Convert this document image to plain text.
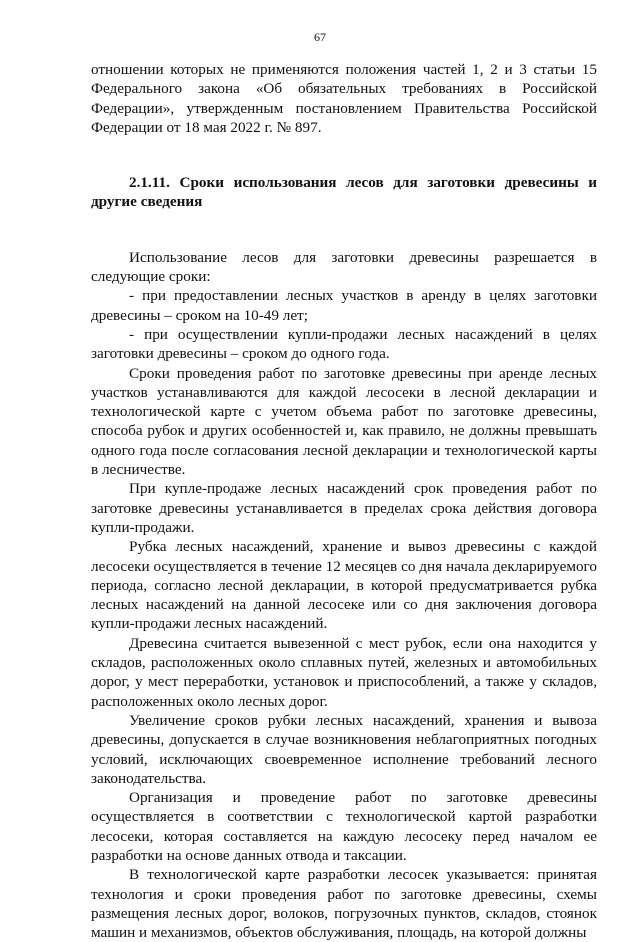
67

отношении которых не применяются положения частей 1, 2 и 3 статьи 15 Федерального закона «Об обязательных требованиях в Российской Федерации», утвержденным постановлением Правительства Российской Федерации от 18 мая 2022 г. № 897.

2.1.11. Сроки использования лесов для заготовки древесины и другие сведения

Использование лесов для заготовки древесины разрешается в следующие сроки:

- при предоставлении лесных участков в аренду в целях заготовки древесины – сроком на 10-49 лет;

- при осуществлении купли-продажи лесных насаждений в целях заготовки древесины – сроком до одного года.

Сроки проведения работ по заготовке древесины при аренде лесных участков устанавливаются для каждой лесосеки в лесной декларации и технологической карте с учетом объема работ по заготовке древесины, способа рубок и других особенностей и, как правило, не должны превышать одного года после согласования лесной декларации и технологической карты в лесничестве.

При купле-продаже лесных насаждений срок проведения работ по заготовке древесины устанавливается в пределах срока действия договора купли-продажи.

Рубка лесных насаждений, хранение и вывоз древесины с каждой лесосеки осуществляется в течение 12 месяцев со дня начала декларируемого периода, согласно лесной декларации, в которой предусматривается рубка лесных насаждений на данной лесосеке или со дня заключения договора купли-продажи лесных насаждений.

Древесина считается вывезенной с мест рубок, если она находится у складов, расположенных около сплавных путей, железных и автомобильных дорог, у мест переработки, установок и приспособлений, а также у складов, расположенных около лесных дорог.

Увеличение сроков рубки лесных насаждений, хранения и вывоза древесины, допускается в случае возникновения неблагоприятных погодных условий, исключающих своевременное исполнение требований лесного законодательства.

Организация и проведение работ по заготовке древесины осуществляется в соответствии с технологической картой разработки лесосеки, которая составляется на каждую лесосеку перед началом ее разработки на основе данных отвода и таксации.

В технологической карте разработки лесосек указывается: принятая технология и сроки проведения работ по заготовке древесины, схемы размещения лесных дорог, волоков, погрузочных пунктов, складов, стоянок машин и механизмов, объектов обслуживания, площадь, на которой должны
